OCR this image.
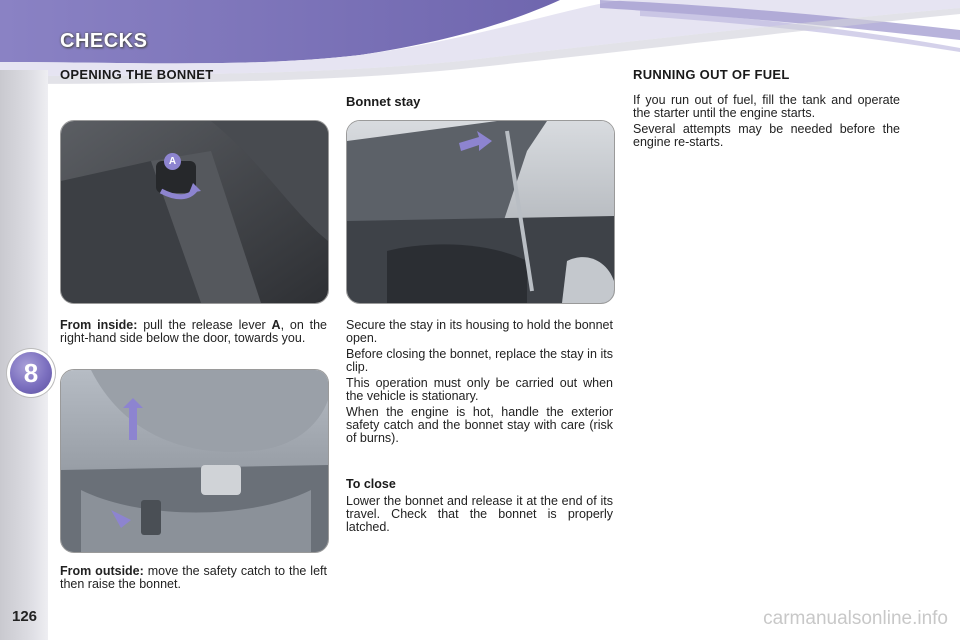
CHECKS
OPENING THE BONNET
A

From inside: pull the release lever A, on the right-hand side below the door, towards you.

From outside: move the safety catch to the left then raise the bonnet.

Bonnet stay

Secure the stay in its housing to hold the bonnet open.

Before closing the bonnet, replace the stay in its clip.

This operation must only be carried out when the vehicle is stationary.

When the engine is hot, handle the exterior safety catch and the bonnet stay with care (risk of burns).

To close

Lower the bonnet and release it at the end of its travel. Check that the bonnet is properly latched.

RUNNING OUT OF FUEL

If you run out of fuel, fill the tank and operate the starter until the engine starts.

Several attempts may be needed before the engine re-starts.

8
126	carmanualsonline.info
